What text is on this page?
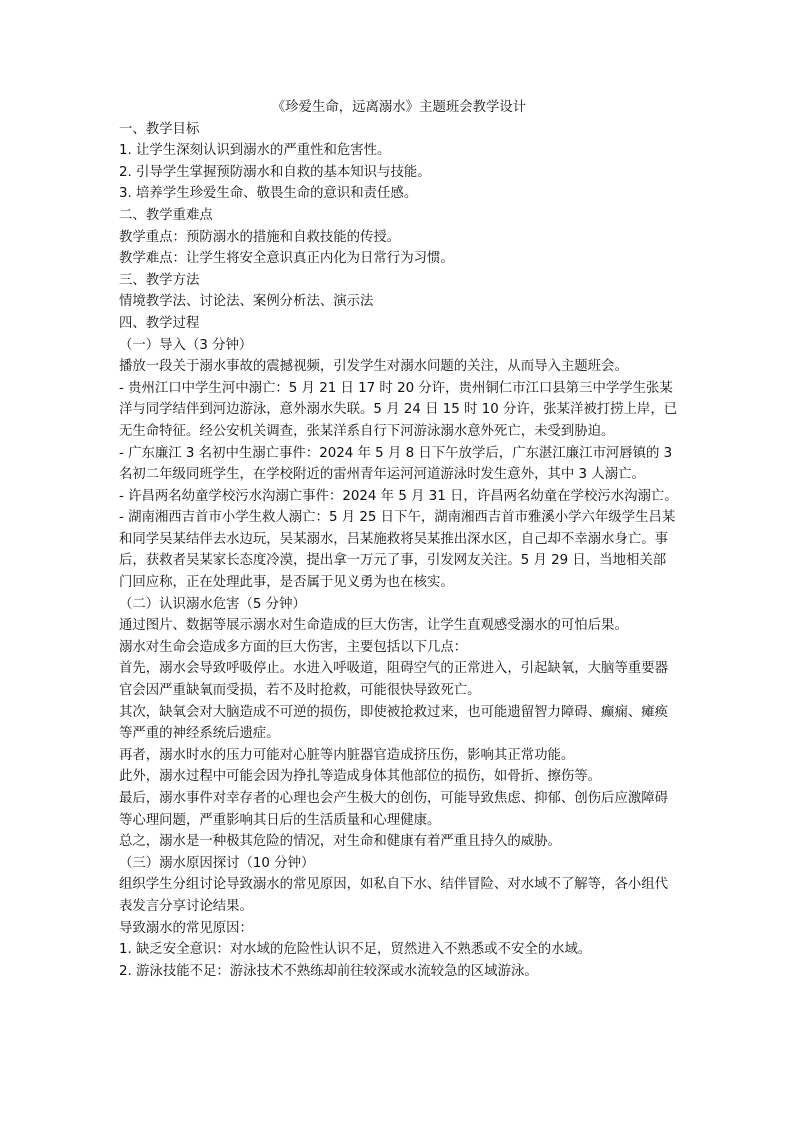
《珍爱生命，远离溺水》主题班会教学设计

一、教学目标

1. 让学生深刻认识到溺水的严重性和危害性。

2. 引导学生掌握预防溺水和自救的基本知识与技能。

3. 培养学生珍爱生命、敬畏生命的意识和责任感。

二、教学重难点

教学重点：预防溺水的措施和自救技能的传授。

教学难点：让学生将安全意识真正内化为日常行为习惯。

三、教学方法

情境教学法、讨论法、案例分析法、演示法

四、教学过程

（一）导入（3 分钟）

播放一段关于溺水事故的震撼视频，引发学生对溺水问题的关注，从而导入主题班会。

- 贵州江口中学生河中溺亡：5 月 21 日 17 时 20 分许，贵州铜仁市江口县第三中学学生张某洋与同学结伴到河边游泳，意外溺水失联。5 月 24 日 15 时 10 分许，张某洋被打捞上岸，已无生命特征。经公安机关调查，张某洋系自行下河游泳溺水意外死亡，未受到胁迫。

- 广东廉江 3 名初中生溺亡事件：2024 年 5 月 8 日下午放学后，广东湛江廉江市河唇镇的 3 名初二年级同班学生，在学校附近的雷州青年运河河道游泳时发生意外，其中 3 人溺亡。

- 许昌两名幼童学校污水沟溺亡事件：2024 年 5 月 31 日，许昌两名幼童在学校污水沟溺亡。

- 湖南湘西吉首市小学生救人溺亡：5 月 25 日下午，湖南湘西吉首市雅溪小学六年级学生吕某和同学吴某结伴去水边玩，吴某溺水，吕某施救将吴某推出深水区，自己却不幸溺水身亡。事后，获救者吴某家长态度冷漠，提出拿一万元了事，引发网友关注。5 月 29 日，当地相关部门回应称，正在处理此事，是否属于见义勇为也在核实。

（二）认识溺水危害（5 分钟）

通过图片、数据等展示溺水对生命造成的巨大伤害，让学生直观感受溺水的可怕后果。

溺水对生命会造成多方面的巨大伤害，主要包括以下几点：

首先，溺水会导致呼吸停止。水进入呼吸道，阻碍空气的正常进入，引起缺氧，大脑等重要器官会因严重缺氧而受损，若不及时抢救，可能很快导致死亡。

其次，缺氧会对大脑造成不可逆的损伤，即使被抢救过来，也可能遗留智力障碍、癫痫、瘫痪等严重的神经系统后遗症。

再者，溺水时水的压力可能对心脏等内脏器官造成挤压伤，影响其正常功能。

此外，溺水过程中可能会因为挣扎等造成身体其他部位的损伤，如骨折、擦伤等。

最后，溺水事件对幸存者的心理也会产生极大的创伤，可能导致焦虑、抑郁、创伤后应激障碍等心理问题，严重影响其日后的生活质量和心理健康。

总之，溺水是一种极其危险的情况，对生命和健康有着严重且持久的威胁。

（三）溺水原因探讨（10 分钟）

组织学生分组讨论导致溺水的常见原因，如私自下水、结伴冒险、对水域不了解等，各小组代表发言分享讨论结果。

导致溺水的常见原因：

1. 缺乏安全意识：对水域的危险性认识不足，贸然进入不熟悉或不安全的水域。

2. 游泳技能不足：游泳技术不熟练却前往较深或水流较急的区域游泳。
